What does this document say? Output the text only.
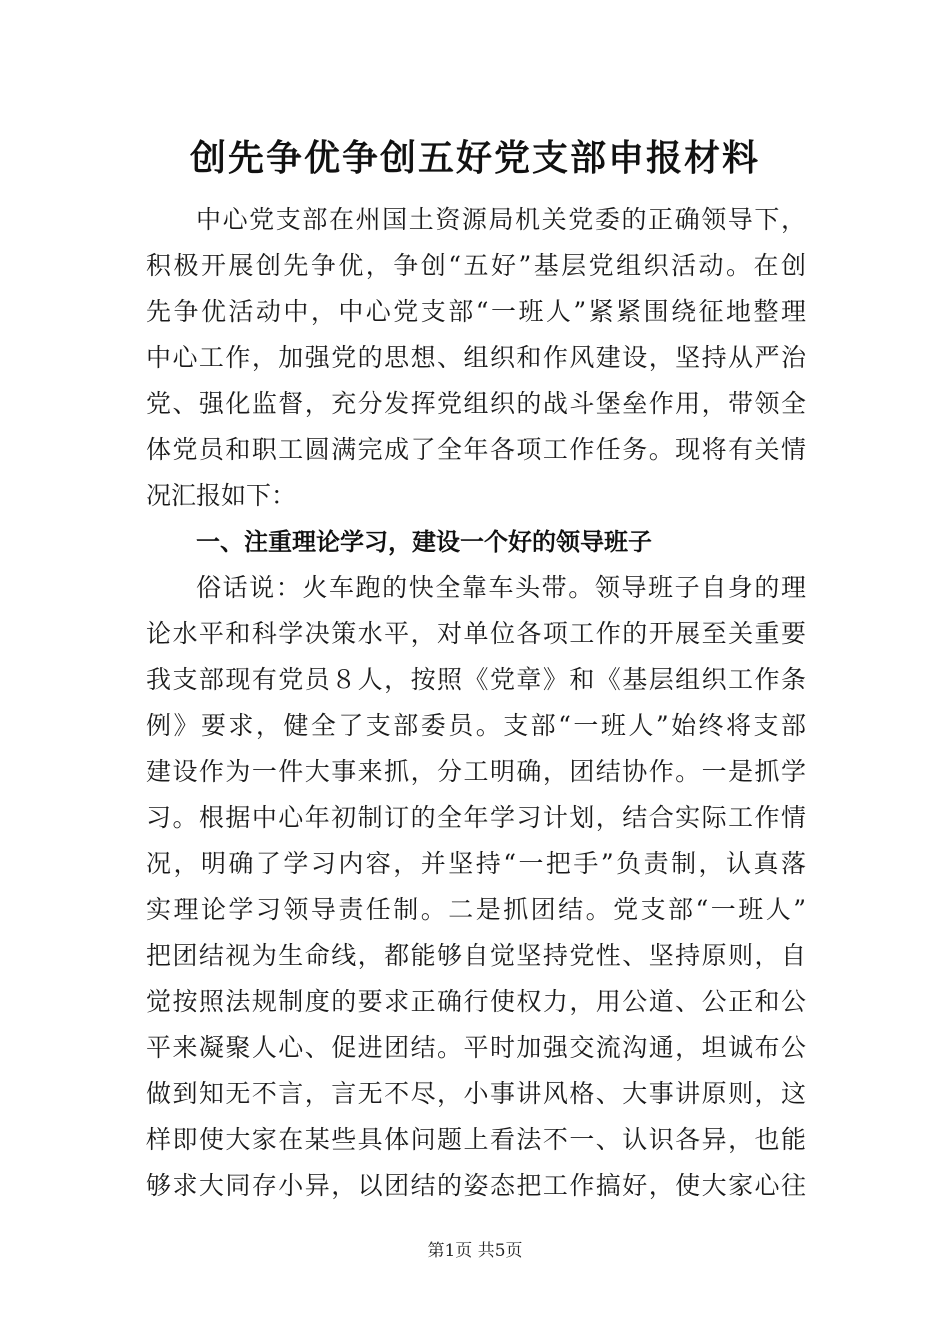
创先争优争创五好党支部申报材料
中心党支部在州国土资源局机关党委的正确领导下，
积极开展创先争优，争创“五好”基层党组织活动。在创
先争优活动中，中心党支部“一班人”紧紧围绕征地整理
中心工作，加强党的思想、组织和作风建设，坚持从严治
党、强化监督，充分发挥党组织的战斗堡垒作用，带领全
体党员和职工圆满完成了全年各项工作任务。现将有关情
况汇报如下：
一、注重理论学习，建设一个好的领导班子
俗话说：火车跑的快全靠车头带。领导班子自身的理
论水平和科学决策水平，对单位各项工作的开展至关重要
我支部现有党员８人，按照《党章》和《基层组织工作条
例》要求，健全了支部委员。支部“一班人”始终将支部
建设作为一件大事来抓，分工明确，团结协作。一是抓学
习。根据中心年初制订的全年学习计划，结合实际工作情
况，明确了学习内容，并坚持“一把手”负责制，认真落
实理论学习领导责任制。二是抓团结。党支部“一班人”
把团结视为生命线，都能够自觉坚持党性、坚持原则，自
觉按照法规制度的要求正确行使权力，用公道、公正和公
平来凝聚人心、促进团结。平时加强交流沟通，坦诚布公
做到知无不言，言无不尽，小事讲风格、大事讲原则，这
样即使大家在某些具体问题上看法不一、认识各异，也能
够求大同存小异，以团结的姿态把工作搞好，使大家心往
第1页 共5页
